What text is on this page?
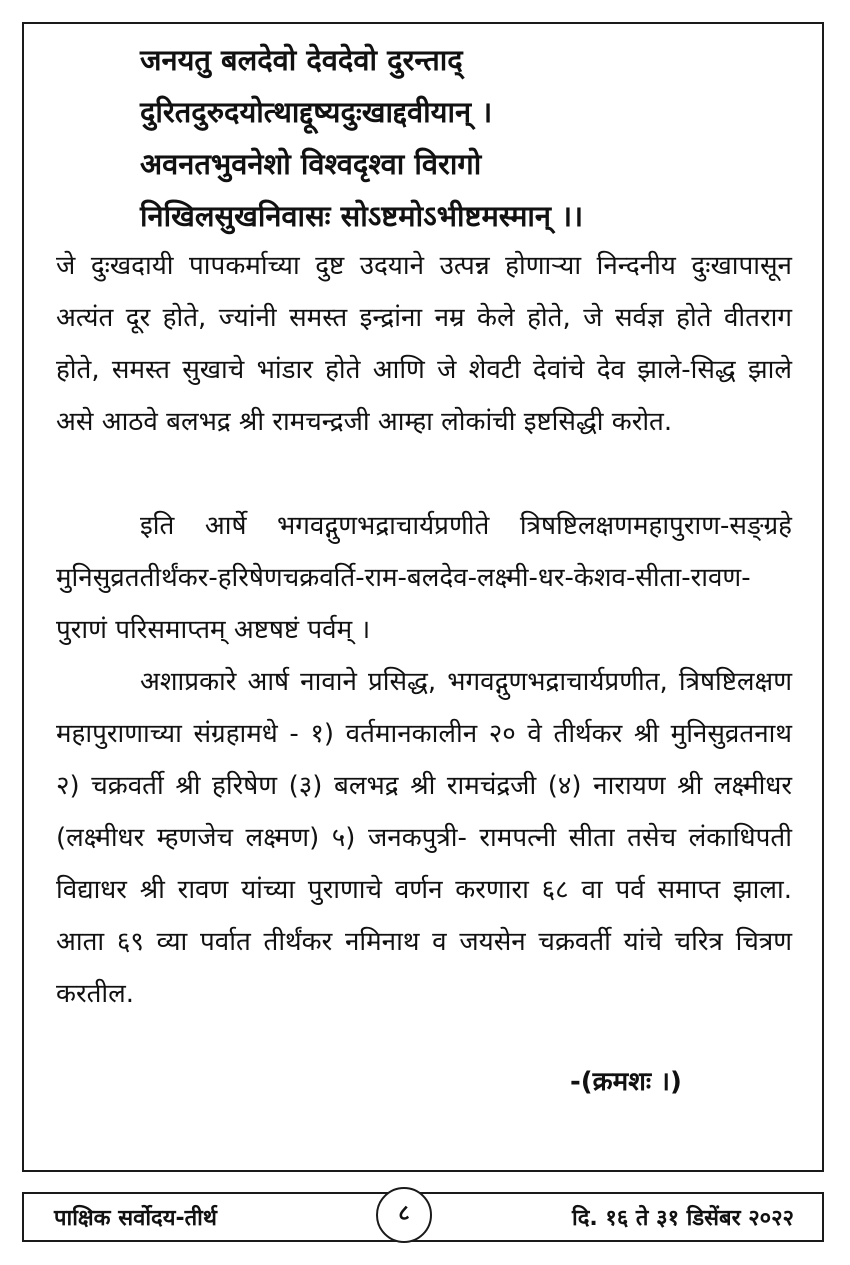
जनयतु बलदेवो देवदेवो दुरन्ताद्
दुरितदुरुदयोत्थाद्दूष्यदुःखाद्दवीयान् ।
अवनतभुवनेशो विश्वदृश्वा विरागो
निखिलसुखनिवासः सोऽष्टमोऽभीष्टमस्मान् ।।

जे दुःखदायी पापकर्माच्या दुष्ट उदयाने उत्पन्न होणाऱ्या निन्दनीय दुःखापासून अत्यंत दूर होते, ज्यांनी समस्त इन्द्रांना नम्र केले होते, जे सर्वज्ञ होते वीतराग होते, समस्त सुखाचे भांडार होते आणि जे शेवटी देवांचे देव झाले-सिद्ध झाले असे आठवे बलभद्र श्री रामचन्द्रजी आम्हा लोकांची इष्टसिद्धी करोत.

इति आर्षे भगवद्गुणभद्राचार्यप्रणीते त्रिषष्टिलक्षणमहापुराण-सङ्ग्रहे मुनिसुव्रततीर्थंकर-हरिषेणचक्रवर्ति-राम-बलदेव-लक्ष्मी-धर-केशव-सीता-रावण-पुराणं परिसमाप्तम् अष्टषष्टं पर्वम् ।

अशाप्रकारे आर्ष नावाने प्रसिद्ध, भगवद्गुणभद्राचार्यप्रणीत, त्रिषष्टिलक्षण महापुराणाच्या संग्रहामधे - १) वर्तमानकालीन २० वे तीर्थकर श्री मुनिसुव्रतनाथ २) चक्रवर्ती श्री हरिषेण (३) बलभद्र श्री रामचंद्रजी (४) नारायण श्री लक्ष्मीधर (लक्ष्मीधर म्हणजेच लक्ष्मण) ५) जनकपुत्री- रामपत्नी सीता तसेच लंकाधिपती विद्याधर श्री रावण यांच्या पुराणाचे वर्णन करणारा ६८ वा पर्व समाप्त झाला. आता ६९ व्या पर्वात तीर्थंकर नमिनाथ व जयसेन चक्रवर्ती यांचे चरित्र चित्रण करतील.

-(क्रमशः ।)
पाक्षिक सर्वोदय-तीर्थ	दि. १६ ते ३१ डिसेंबर २०२२
८
